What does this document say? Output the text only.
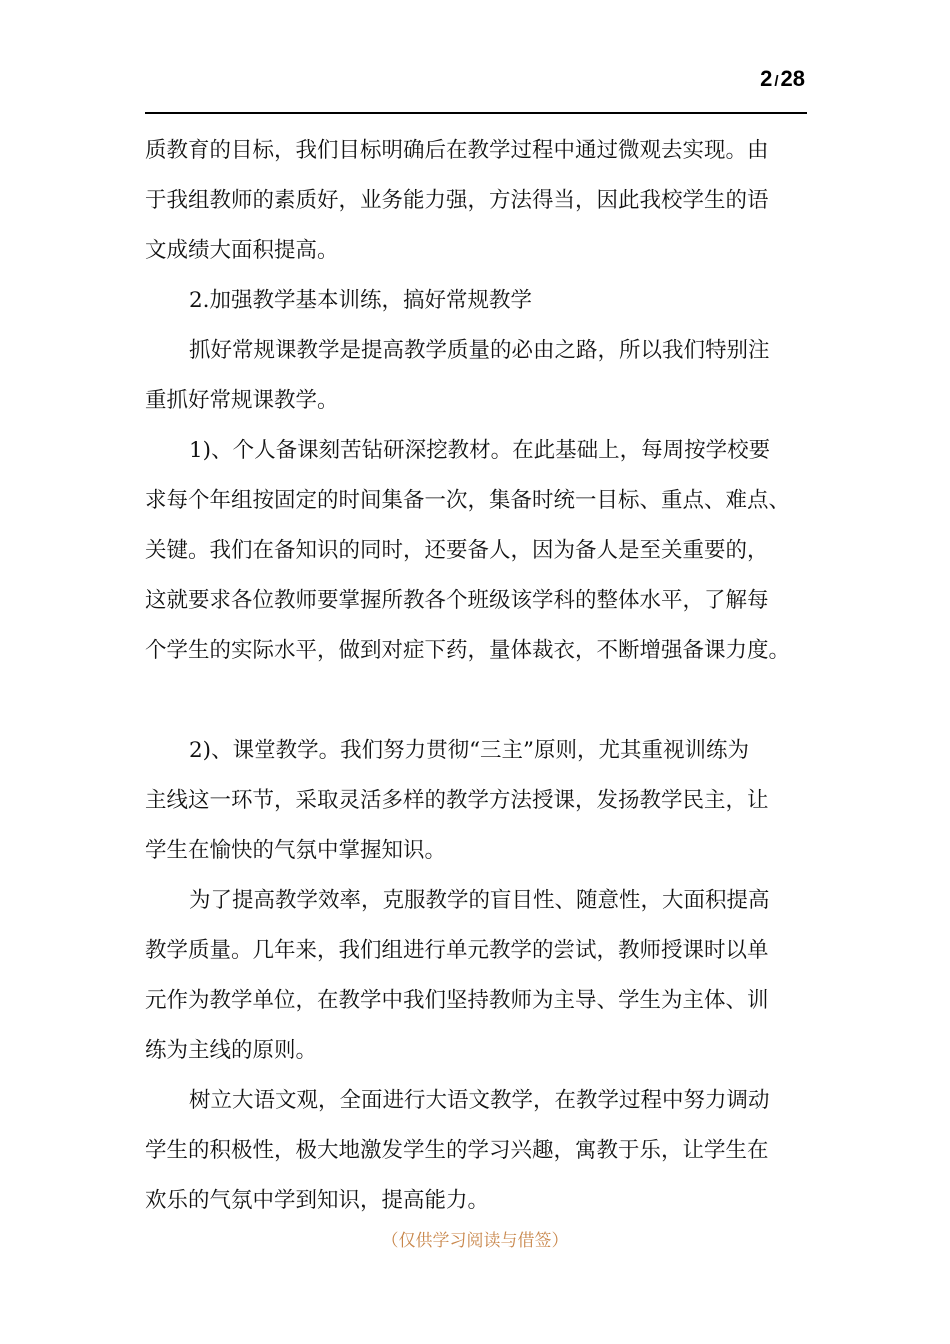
2 /28
质教育的目标，我们目标明确后在教学过程中通过微观去实现。由
于我组教师的素质好，业务能力强，方法得当，因此我校学生的语
文成绩大面积提高。
2.加强教学基本训练，搞好常规教学
抓好常规课教学是提高教学质量的必由之路，所以我们特别注
重抓好常规课教学。
1)、个人备课刻苦钻研深挖教材。在此基础上，每周按学校要
求每个年组按固定的时间集备一次，集备时统一目标、重点、难点、
关键。我们在备知识的同时，还要备人，因为备人是至关重要的，
这就要求各位教师要掌握所教各个班级该学科的整体水平，了解每
个学生的实际水平，做到对症下药，量体裁衣，不断增强备课力度。
2)、课堂教学。我们努力贯彻“三主”原则，尤其重视训练为
主线这一环节，采取灵活多样的教学方法授课，发扬教学民主，让
学生在愉快的气氛中掌握知识。
为了提高教学效率，克服教学的盲目性、随意性，大面积提高
教学质量。几年来，我们组进行单元教学的尝试，教师授课时以单
元作为教学单位，在教学中我们坚持教师为主导、学生为主体、训
练为主线的原则。
树立大语文观，全面进行大语文教学，在教学过程中努力调动
学生的积极性，极大地激发学生的学习兴趣，寓教于乐，让学生在
欢乐的气氛中学到知识，提高能力。
（仅供学习阅读与借签）
